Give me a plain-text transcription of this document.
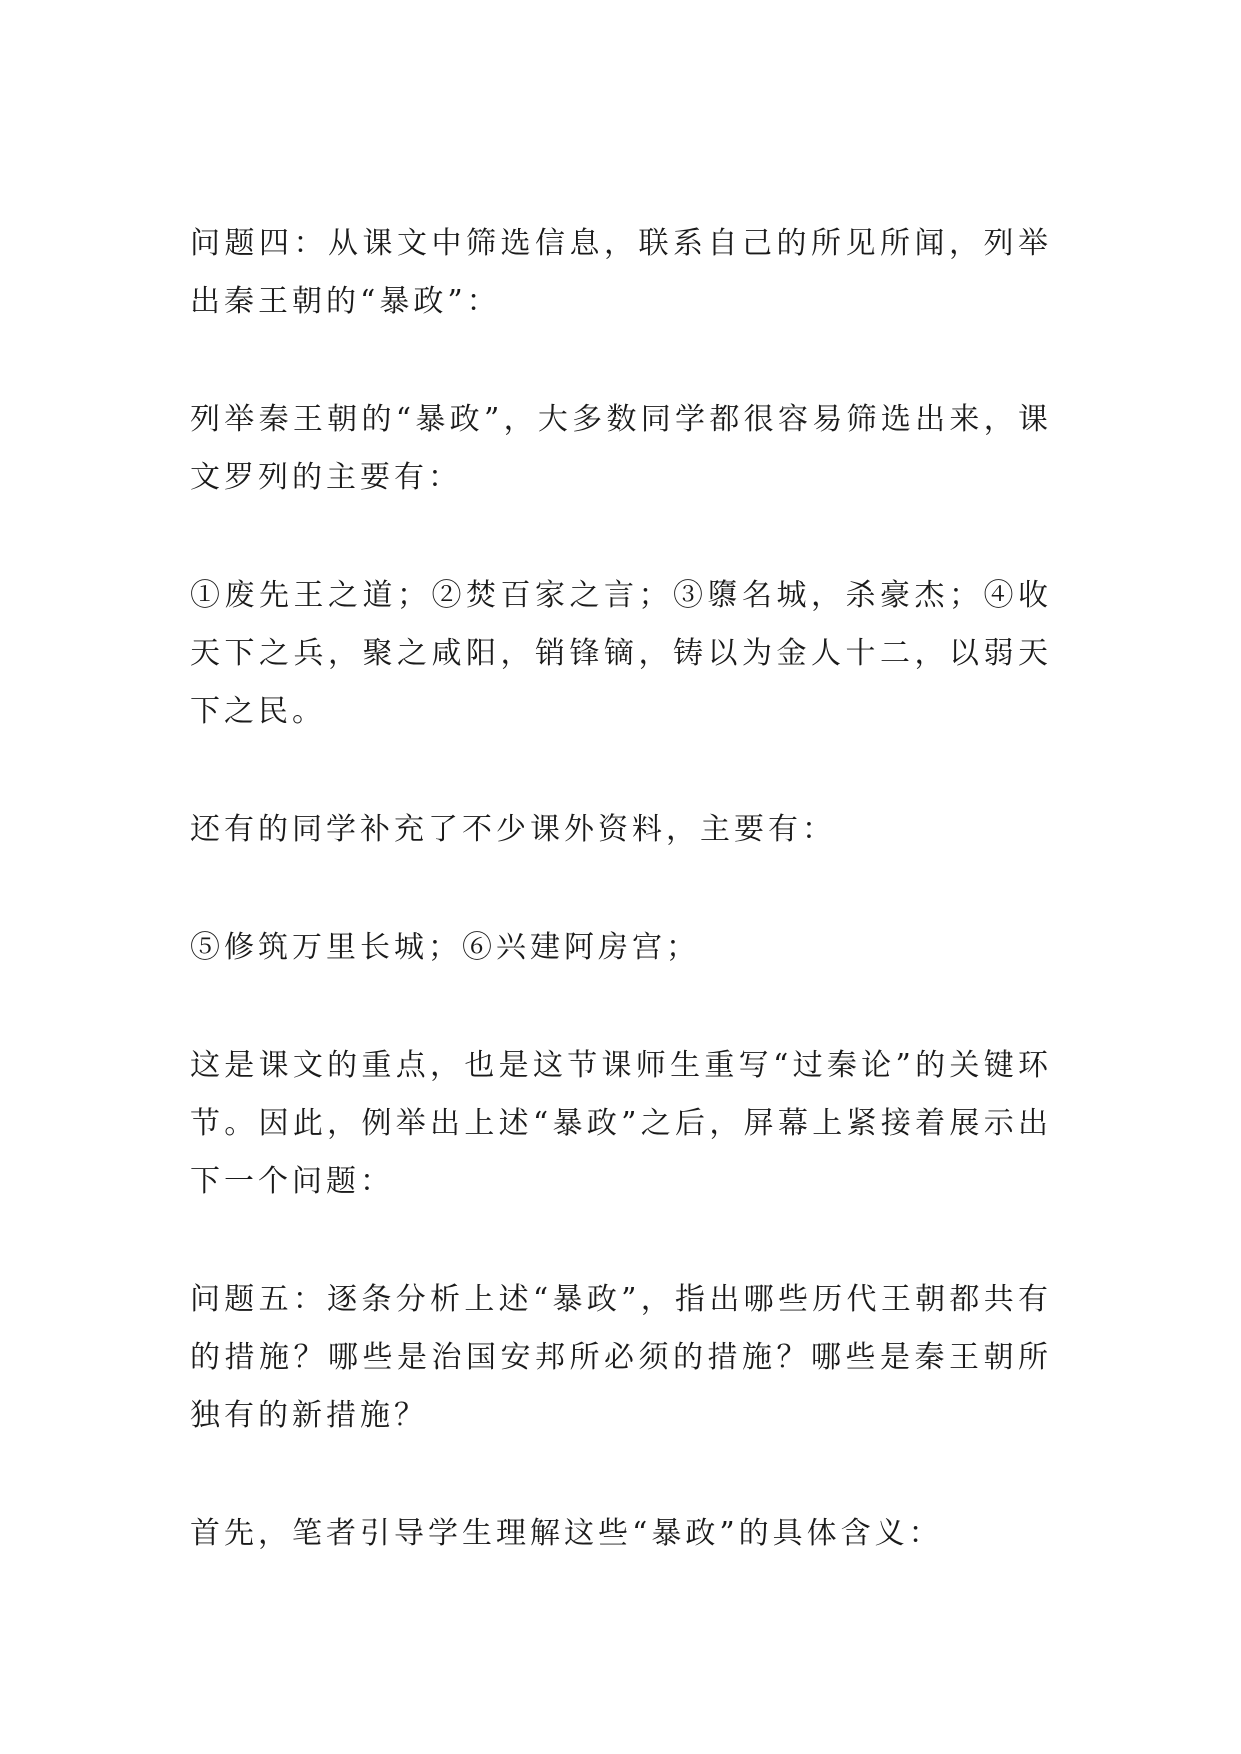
问题四：从课文中筛选信息，联系自己的所见所闻，列举出秦王朝的“暴政”：

列举秦王朝的“暴政”，大多数同学都很容易筛选出来，课文罗列的主要有：

①废先王之道；②焚百家之言；③隳名城，杀豪杰；④收天下之兵，聚之咸阳，销锋镝，铸以为金人十二，以弱天下之民。

还有的同学补充了不少课外资料，主要有：

⑤修筑万里长城；⑥兴建阿房宫；

这是课文的重点，也是这节课师生重写“过秦论”的关键环节。因此，例举出上述“暴政”之后，屏幕上紧接着展示出下一个问题：

问题五：逐条分析上述“暴政”，指出哪些历代王朝都共有的措施？哪些是治国安邦所必须的措施？哪些是秦王朝所独有的新措施？

首先，笔者引导学生理解这些“暴政”的具体含义：
